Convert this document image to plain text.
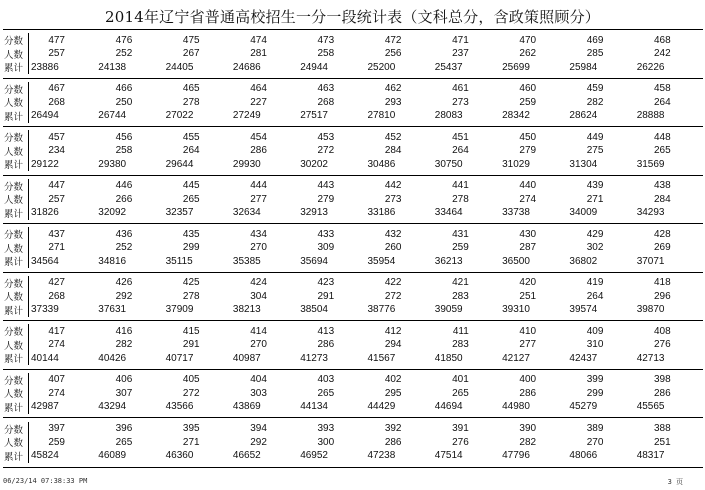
2014年辽宁省普通高校招生一分一段统计表（文科总分，含政策照顾分）
分数	477	476	475	474	473	472	471	470	469	468
人数	257	252	267	281	258	256	237	262	285	242
累计 23886	24138	24405	24686	24944	25200	25437	25699	25984	26226
分数	467	466	465	464	463	462	461	460	459	458
人数	268	250	278	227	268	293	273	259	282	264
累计 26494	26744	27022	27249	27517	27810	28083	28342	28624	28888
分数	457	456	455	454	453	452	451	450	449	448
人数	234	258	264	286	272	284	264	279	275	265
累计 29122	29380	29644	29930	30202	30486	30750	31029	31304	31569
分数	447	446	445	444	443	442	441	440	439	438
人数	257	266	265	277	279	273	278	274	271	284
累计 31826	32092	32357	32634	32913	33186	33464	33738	34009	34293
分数	437	436	435	434	433	432	431	430	429	428
人数	271	252	299	270	309	260	259	287	302	269
累计 34564	34816	35115	35385	35694	35954	36213	36500	36802	37071
分数	427	426	425	424	423	422	421	420	419	418
人数	268	292	278	304	291	272	283	251	264	296
累计 37339	37631	37909	38213	38504	38776	39059	39310	39574	39870
分数	417	416	415	414	413	412	411	410	409	408
人数	274	282	291	270	286	294	283	277	310	276
累计 40144	40426	40717	40987	41273	41567	41850	42127	42437	42713
分数	407	406	405	404	403	402	401	400	399	398
人数	274	307	272	303	265	295	265	286	299	286
累计 42987	43294	43566	43869	44134	44429	44694	44980	45279	45565
分数	397	396	395	394	393	392	391	390	389	388
人数	259	265	271	292	300	286	276	282	270	251
累计 45824	46089	46360	46652	46952	47238	47514	47796	48066	48317
06/23/14 07:38:33 PM	3 页
